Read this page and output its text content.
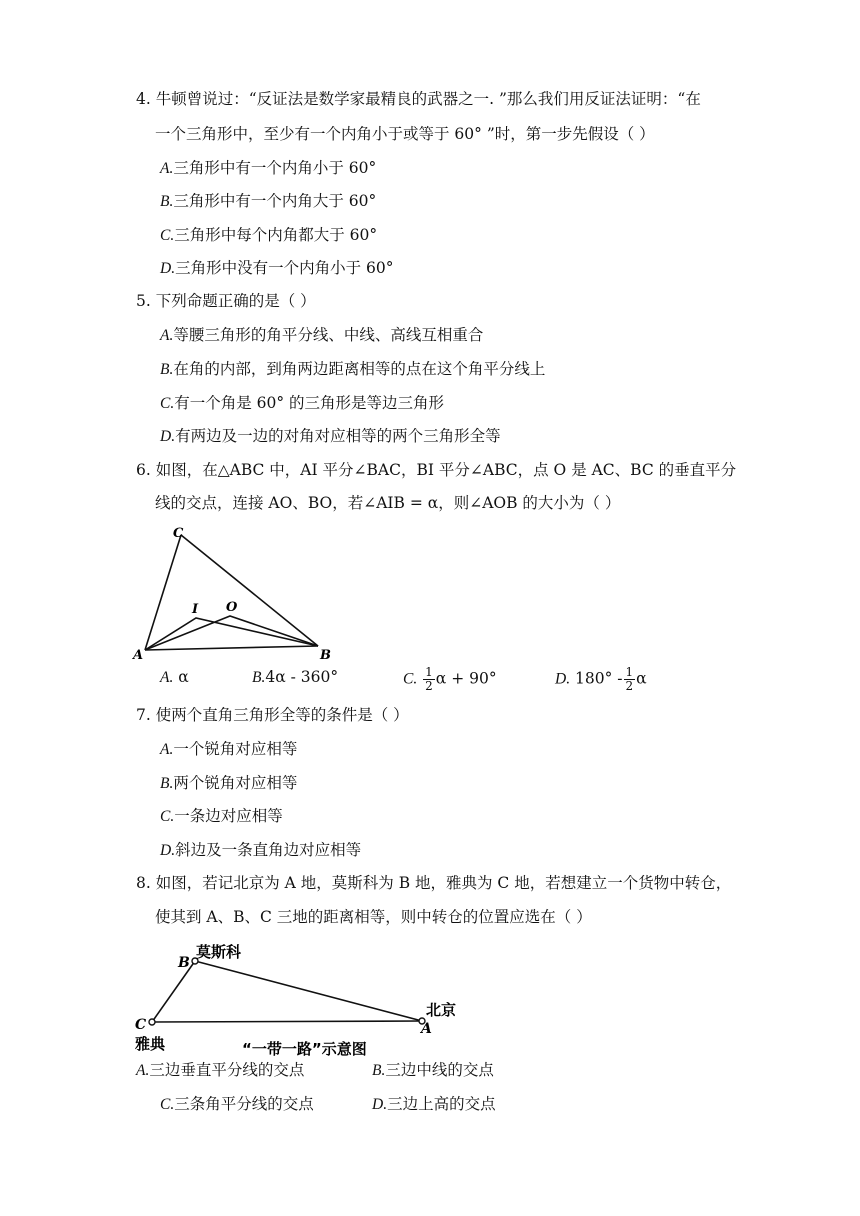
4. 牛顿曾说过：“反证法是数学家最精良的武器之一. ”那么我们用反证法证明：“在
一个三角形中，至少有一个内角小于或等于 60° ”时，第一步先假设（ ）
A.三角形中有一个内角小于 60°
B.三角形中有一个内角大于 60°
C.三角形中每个内角都大于 60°
D.三角形中没有一个内角小于 60°
5. 下列命题正确的是（ ）
A.等腰三角形的角平分线、中线、高线互相重合
B.在角的内部，到角两边距离相等的点在这个角平分线上
C.有一个角是 60° 的三角形是等边三角形
D.有两边及一边的对角对应相等的两个三角形全等
6. 如图，在△ABC 中，AI 平分∠BAC，BI 平分∠ABC，点 O 是 AC、BC 的垂直平分
线的交点，连接 AO、BO，若∠AIB = α，则∠AOB 的大小为（ ）
C
I O
A	B
A. α	B.4α - 360°	C. $\frac{1}{2}$ α + 90°	D. $180^\circ - \frac{1}{2}$ α
7. 使两个直角三角形全等的条件是（ ）
A.一个锐角对应相等
B.两个锐角对应相等
C.一条边对应相等
D.斜边及一条直角边对应相等
8. 如图，若记北京为 A 地，莫斯科为 B 地，雅典为 C 地，若想建立一个货物中转仓，
使其到 A、B、C 三地的距离相等，则中转仓的位置应选在（ ）
B
莫斯科
C
雅典
A
北京
“一带一路”示意图
A.三边垂直平分线的交点	B.三边中线的交点
C.三条角平分线的交点	D.三边上高的交点
